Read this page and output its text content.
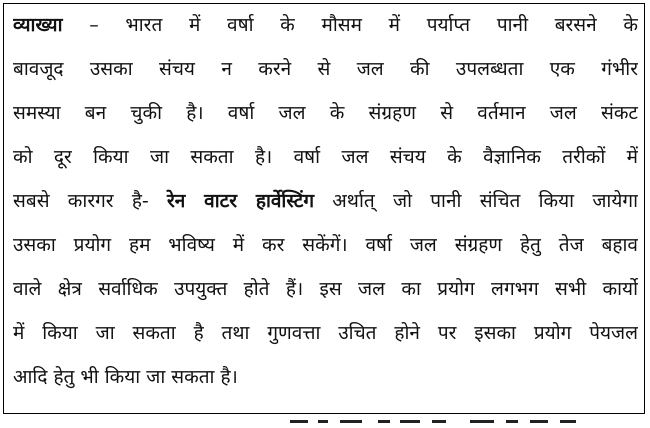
व्याख्या – भारत में वर्षा के मौसम में पर्याप्त पानी बरसने के
बावजूद उसका संचय न करने से जल की उपलब्धता एक गंभीर
समस्या बन चुकी है। वर्षा जल के संग्रहण से वर्तमान जल संकट
को दूर किया जा सकता है। वर्षा जल संचय के वैज्ञानिक तरीकों में
सबसे कारगर है- रेन वाटर हार्वेस्टिंग अर्थात् जो पानी संचित किया जायेगा
उसका प्रयोग हम भविष्य में कर सकेंगें। वर्षा जल संग्रहण हेतु तेज बहाव
वाले क्षेत्र सर्वाधिक उपयुक्त होते हैं। इस जल का प्रयोग लगभग सभी कार्यो
में किया जा सकता है तथा गुणवत्ता उचित होने पर इसका प्रयोग पेयजल
आदि हेतु भी किया जा सकता है।
